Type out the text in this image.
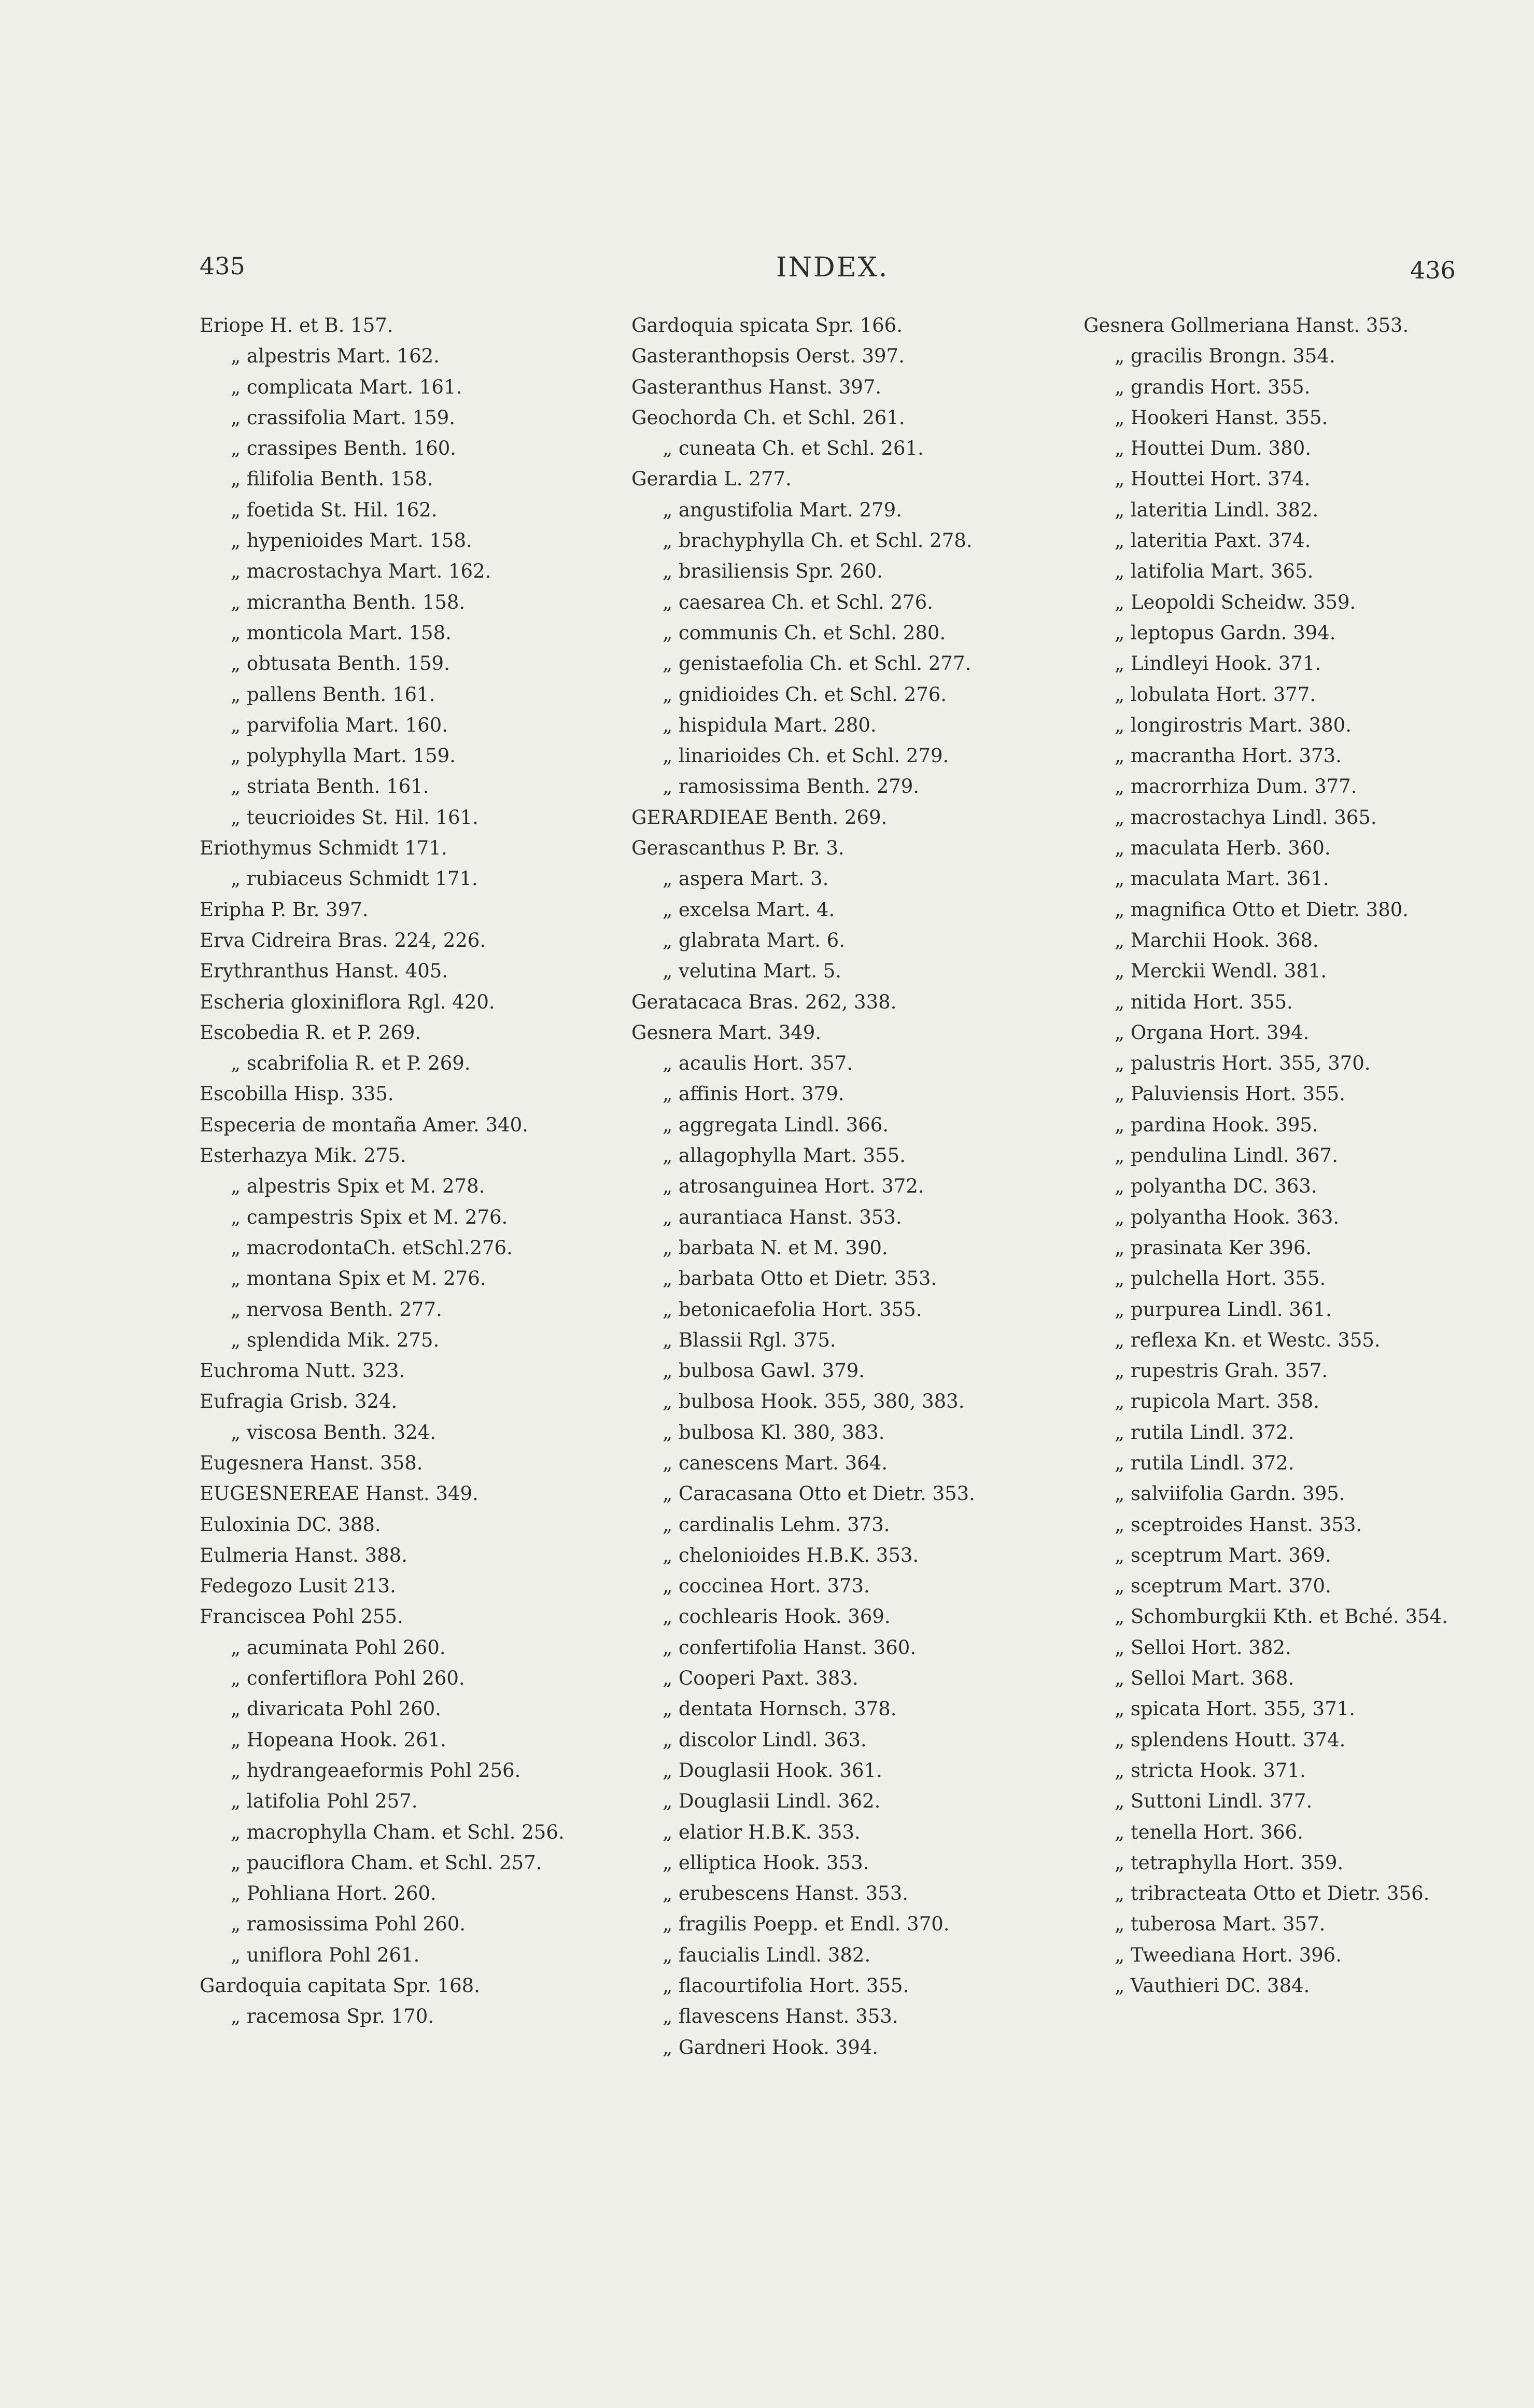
435	INDEX.	436
Eriope H. et B. 157.
„ alpestris Mart. 162.
„ complicata Mart. 161.
„ crassifolia Mart. 159.
„ crassipes Benth. 160.
„ filifolia Benth. 158.
„ foetida St. Hil. 162.
„ hypenioides Mart. 158.
„ macrostachya Mart. 162.
„ micrantha Benth. 158.
„ monticola Mart. 158.
„ obtusata Benth. 159.
„ pallens Benth. 161.
„ parvifolia Mart. 160.
„ polyphylla Mart. 159.
„ striata Benth. 161.
„ teucrioides St. Hil. 161.
Eriothymus Schmidt 171.
„ rubiaceus Schmidt 171.
Eripha P. Br. 397.
Erva Cidreira Bras. 224, 226.
Erythranthus Hanst. 405.
Escheria gloxiniflora Rgl. 420.
Escobedia R. et P. 269.
„ scabrifolia R. et P. 269.
Escobilla Hisp. 335.
Especeria de montaña Amer. 340.
Esterhazya Mik. 275.
„ alpestris Spix et M. 278.
„ campestris Spix et M. 276.
„ macrodontaCh. etSchl.276.
„ montana Spix et M. 276.
„ nervosa Benth. 277.
„ splendida Mik. 275.
Euchroma Nutt. 323.
Eufragia Grisb. 324.
„ viscosa Benth. 324.
Eugesnera Hanst. 358.
EUGESNEREAE Hanst. 349.
Euloxinia DC. 388.
Eulmeria Hanst. 388.
Fedegozo Lusit 213.
Franciscea Pohl 255.
„ acuminata Pohl 260.
„ confertiflora Pohl 260.
„ divaricata Pohl 260.
„ Hopeana Hook. 261.
„ hydrangeaeformis Pohl 256.
„ latifolia Pohl 257.
„ macrophylla Cham. et Schl. 256.
„ pauciflora Cham. et Schl. 257.
„ Pohliana Hort. 260.
„ ramosissima Pohl 260.
„ uniflora Pohl 261.
Gardoquia capitata Spr. 168.
„ racemosa Spr. 170.
Gardoquia spicata Spr. 166.
Gasteranthopsis Oerst. 397.
Gasteranthus Hanst. 397.
Geochorda Ch. et Schl. 261.
„ cuneata Ch. et Schl. 261.
Gerardia L. 277.
„ angustifolia Mart. 279.
„ brachyphylla Ch. et Schl. 278.
„ brasiliensis Spr. 260.
„ caesarea Ch. et Schl. 276.
„ communis Ch. et Schl. 280.
„ genistaefolia Ch. et Schl. 277.
„ gnidioides Ch. et Schl. 276.
„ hispidula Mart. 280.
„ linarioides Ch. et Schl. 279.
„ ramosissima Benth. 279.
GERARDIEAE Benth. 269.
Gerascanthus P. Br. 3.
„ aspera Mart. 3.
„ excelsa Mart. 4.
„ glabrata Mart. 6.
„ velutina Mart. 5.
Geratacaca Bras. 262, 338.
Gesnera Mart. 349.
„ acaulis Hort. 357.
„ affinis Hort. 379.
„ aggregata Lindl. 366.
„ allagophylla Mart. 355.
„ atrosanguinea Hort. 372.
„ aurantiaca Hanst. 353.
„ barbata N. et M. 390.
„ barbata Otto et Dietr. 353.
„ betonicaefolia Hort. 355.
„ Blassii Rgl. 375.
„ bulbosa Gawl. 379.
„ bulbosa Hook. 355, 380, 383.
„ bulbosa Kl. 380, 383.
„ canescens Mart. 364.
„ Caracasana Otto et Dietr. 353.
„ cardinalis Lehm. 373.
„ chelonioides H.B.K. 353.
„ coccinea Hort. 373.
„ cochlearis Hook. 369.
„ confertifolia Hanst. 360.
„ Cooperi Paxt. 383.
„ dentata Hornsch. 378.
„ discolor Lindl. 363.
„ Douglasii Hook. 361.
„ Douglasii Lindl. 362.
„ elatior H.B.K. 353.
„ elliptica Hook. 353.
„ erubescens Hanst. 353.
„ fragilis Poepp. et Endl. 370.
„ faucialis Lindl. 382.
„ flacourtifolia Hort. 355.
„ flavescens Hanst. 353.
„ Gardneri Hook. 394.
Gesnera Gollmeriana Hanst. 353.
„ gracilis Brongn. 354.
„ grandis Hort. 355.
„ Hookeri Hanst. 355.
„ Houttei Dum. 380.
„ Houttei Hort. 374.
„ lateritia Lindl. 382.
„ lateritia Paxt. 374.
„ latifolia Mart. 365.
„ Leopoldi Scheidw. 359.
„ leptopus Gardn. 394.
„ Lindleyi Hook. 371.
„ lobulata Hort. 377.
„ longirostris Mart. 380.
„ macrantha Hort. 373.
„ macrorrhiza Dum. 377.
„ macrostachya Lindl. 365.
„ maculata Herb. 360.
„ maculata Mart. 361.
„ magnifica Otto et Dietr. 380.
„ Marchii Hook. 368.
„ Merckii Wendl. 381.
„ nitida Hort. 355.
„ Organa Hort. 394.
„ palustris Hort. 355, 370.
„ Paluviensis Hort. 355.
„ pardina Hook. 395.
„ pendulina Lindl. 367.
„ polyantha DC. 363.
„ polyantha Hook. 363.
„ prasinata Ker 396.
„ pulchella Hort. 355.
„ purpurea Lindl. 361.
„ reflexa Kn. et Westc. 355.
„ rupestris Grah. 357.
„ rupicola Mart. 358.
„ rutila Lindl. 372.
„ rutila Lindl. 372.
„ salviifolia Gardn. 395.
„ sceptroides Hanst. 353.
„ sceptrum Mart. 369.
„ sceptrum Mart. 370.
„ Schomburgkii Kth. et Bché. 354.
„ Selloi Hort. 382.
„ Selloi Mart. 368.
„ spicata Hort. 355, 371.
„ splendens Houtt. 374.
„ stricta Hook. 371.
„ Suttoni Lindl. 377.
„ tenella Hort. 366.
„ tetraphylla Hort. 359.
„ tribracteata Otto et Dietr. 356.
„ tuberosa Mart. 357.
„ Tweediana Hort. 396.
„ Vauthieri DC. 384.
